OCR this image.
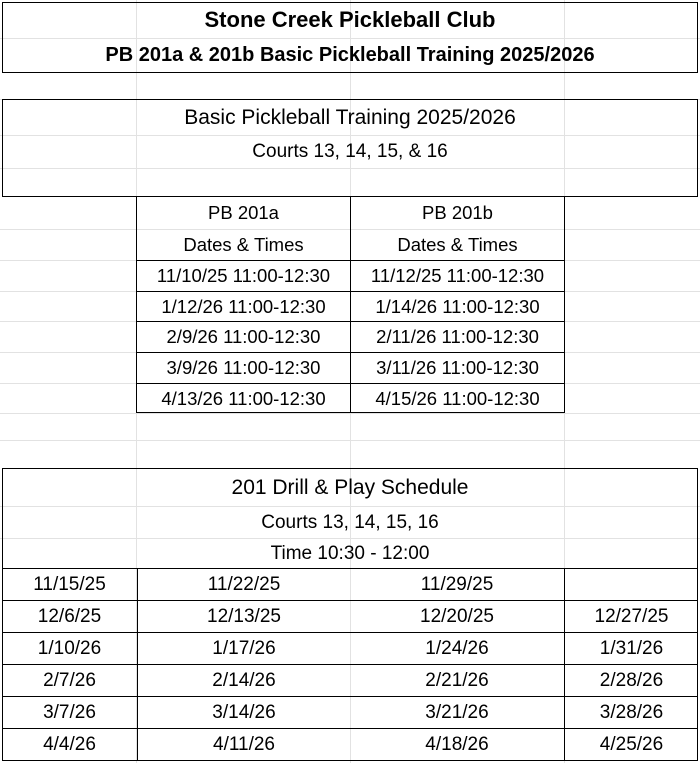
Stone Creek Pickleball Club
PB 201a & 201b Basic Pickleball Training 2025/2026
Basic Pickleball Training 2025/2026
Courts 13, 14, 15, & 16
PB 201a	PB 201b
Dates & Times	Dates & Times
11/10/25 11:00-12:30	11/12/25 11:00-12:30
1/12/26 11:00-12:30	1/14/26 11:00-12:30
2/9/26 11:00-12:30	2/11/26 11:00-12:30
3/9/26 11:00-12:30	3/11/26 11:00-12:30
4/13/26 11:00-12:30	4/15/26 11:00-12:30
201 Drill & Play Schedule
Courts 13, 14, 15, 16
Time 10:30 - 12:00
11/15/25	11/22/25	11/29/25
12/6/25	12/13/25	12/20/25	12/27/25
1/10/26	1/17/26	1/24/26	1/31/26
2/7/26	2/14/26	2/21/26	2/28/26
3/7/26	3/14/26	3/21/26	3/28/26
4/4/26	4/11/26	4/18/26	4/25/26
